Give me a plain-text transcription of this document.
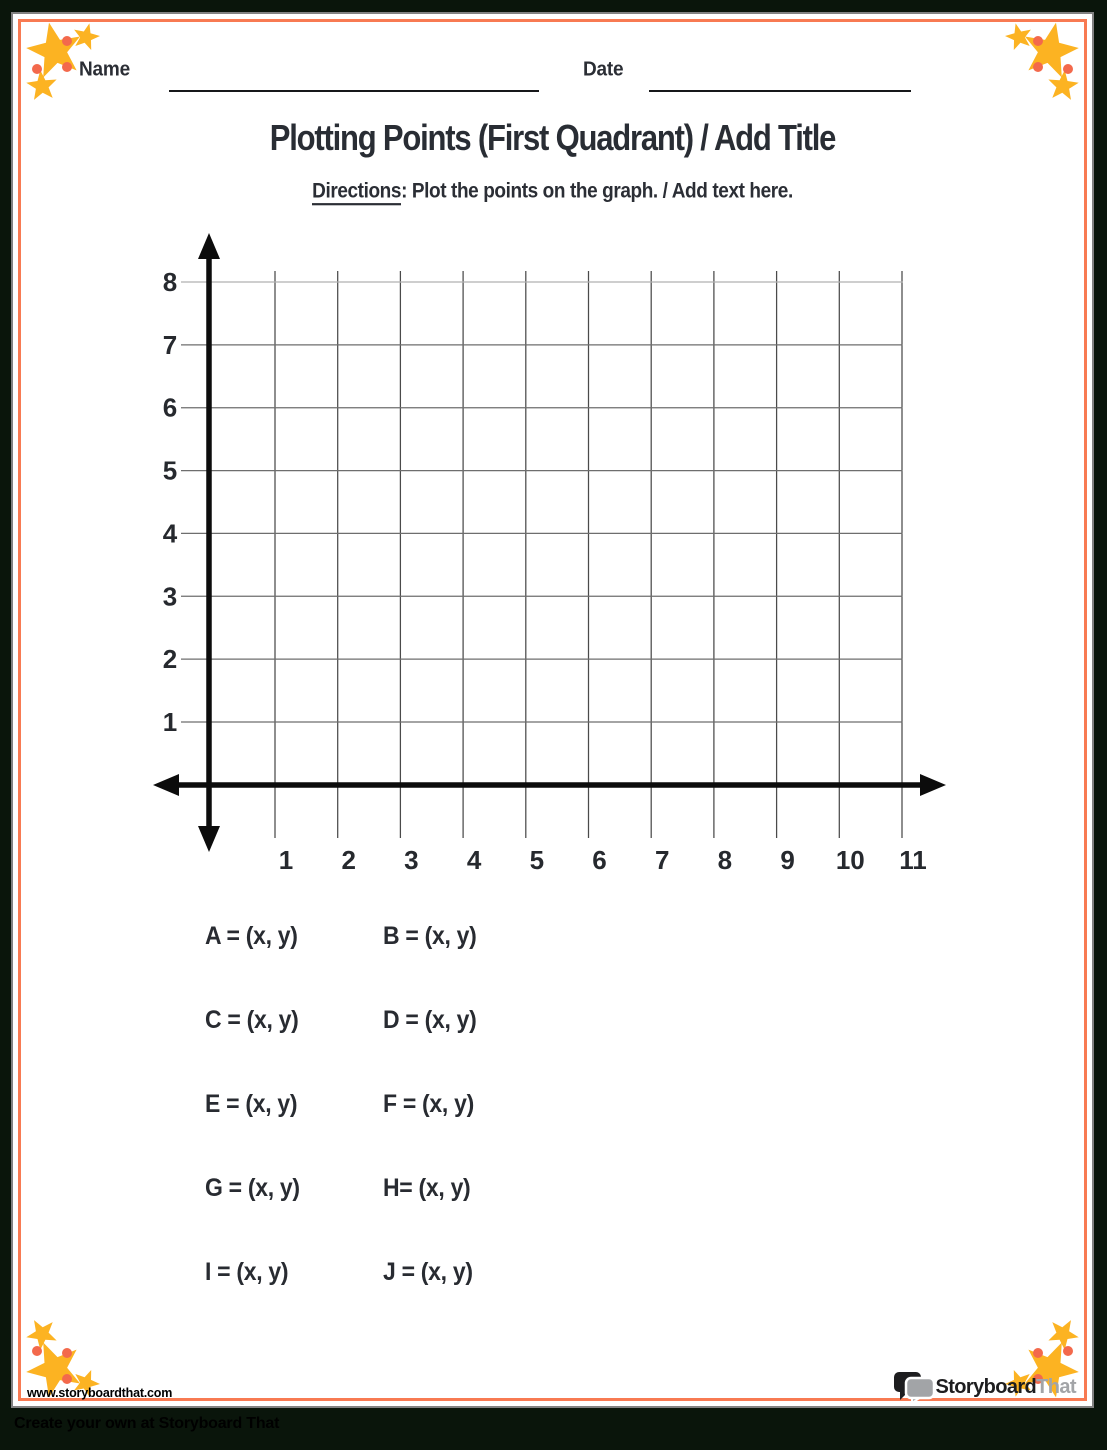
Name	Date
Plotting Points (First Quadrant) / Add Title
Directions: Plot the points on the graph. / Add text here.
1 2 3 4 5 6 7 8 9 10 11
8
7
6
5
4
3
2
1
A = (x, y)	B = (x, y)
C = (x, y)	D = (x, y)
E = (x, y)	F = (x, y)
G = (x, y)	H= (x, y)
I = (x, y)	J = (x, y)
www.storyboardthat.com	StoryboardThat
Create your own at Storyboard That
